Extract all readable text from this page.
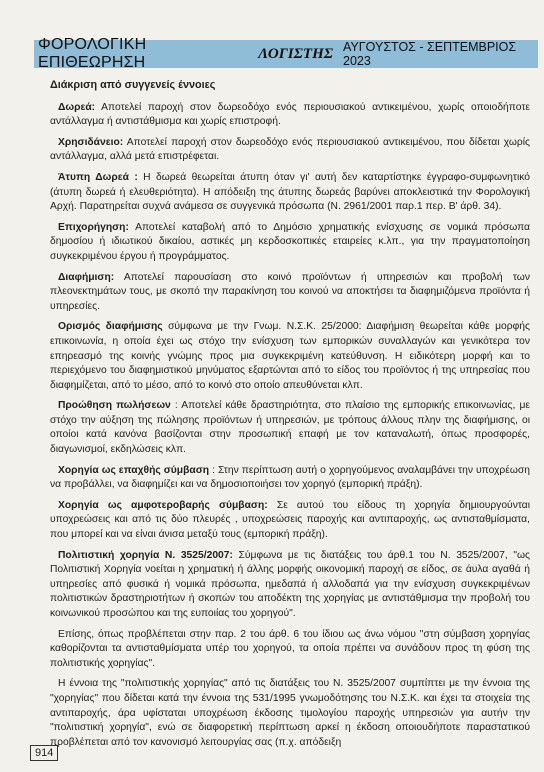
ΦΟΡΟΛΟΓΙΚΗ ΕΠΙΘΕΩΡΗΣΗ
ΛΟΓΙΣΤΗΣ ΑΥΓΟΥΣΤΟΣ - ΣΕΠΤΕΜΒΡΙΟΣ 2023
Διάκριση από συγγενείς έννοιες

Δωρεά: Αποτελεί παροχή στον δωρεοδόχο ενός περιουσιακού αντικειμένου, χωρίς οποιοδήποτε αντάλλαγμα ή αντιστάθμισμα και χωρίς επιστροφή.

Χρησιδάνειο: Αποτελεί παροχή στον δωρεοδόχο ενός περιουσιακού αντικειμένου, που δίδεται χωρίς αντάλλαγμα, αλλά μετά επιστρέφεται.

Άτυπη Δωρεά : Η δωρεά θεωρείται άτυπη όταν γι' αυτή δεν καταρτίστηκε έγγραφο-συμφωνητικό (άτυπη δωρεά ή ελευθεριότητα). Η απόδειξη της άτυπης δωρεάς βαρύνει αποκλειστικά την Φορολογική Αρχή. Παρατηρείται συχνά ανάμεσα σε συγγενικά πρόσωπα (Ν. 2961/2001 παρ.1 περ. Β' άρθ. 34).

Επιχορήγηση: Αποτελεί καταβολή από το Δημόσιο χρηματικής ενίσχυσης σε νομικά πρόσωπα δημοσίου ή ιδιωτικού δικαίου, αστικές μη κερδοσκοπικές εταιρείες κ.λπ., για την πραγματοποίηση συγκεκριμένου έργου ή προγράμματος.

Διαφήμιση: Αποτελεί παρουσίαση στο κοινό προϊόντων ή υπηρεσιών και προβολή των πλεονεκτημάτων τους, με σκοπό την παρακίνηση του κοινού να αποκτήσει τα διαφημιζόμενα προϊόντα ή υπηρεσίες.

Ορισμός διαφήμισης σύμφωνα με την Γνωμ. Ν.Σ.Κ. 25/2000: Διαφήμιση θεωρείται κάθε μορφής επικοινωνία, η οποία έχει ως στόχο την ενίσχυση των εμπορικών συναλλαγών και γενικότερα τον επηρεασμό της κοινής γνώμης προς μια συγκεκριμένη κατεύθυνση. Η ειδικότερη μορφή και το περιεχόμενο του διαφημιστικού μηνύματος εξαρτώνται από το είδος του προϊόντος ή της υπηρεσίας που διαφημίζεται, από το μέσο, από το κοινό στο οποίο απευθύνεται κλπ.

Προώθηση πωλήσεων : Αποτελεί κάθε δραστηριότητα, στο πλαίσιο της εμπορικής επικοινωνίας, με στόχο την αύξηση της πώλησης προϊόντων ή υπηρεσιών, με τρόπους άλλους πλην της διαφήμισης, οι οποίοι κατά κανόνα βασίζονται στην προσωπική επαφή με τον καταναλωτή, όπως προσφορές, διαγωνισμοί, εκδηλώσεις κλπ.

Χορηγία ως επαχθής σύμβαση : Στην περίπτωση αυτή ο χορηγούμενος αναλαμβάνει την υποχρέωση να προβάλλει, να διαφημίζει και να δημοσιοποιήσει τον χορηγό (εμπορική πράξη).

Χορηγία ως αμφοτεροβαρής σύμβαση: Σε αυτού του είδους τη χορηγία δημιουργούνται υποχρεώσεις και από τις δύο πλευρές , υποχρεώσεις παροχής και αντιπαροχής, ως αντισταθμίσματα, που μπορεί και να είναι άνισα μεταξύ τους (εμπορική πράξη).

Πολιτιστική χορηγία Ν. 3525/2007: Σύμφωνα με τις διατάξεις του άρθ.1 του Ν. 3525/2007, "ως Πολιτιστική Χορηγία νοείται η χρηματική ή άλλης μορφής οικονομική παροχή σε είδος, σε άυλα αγαθά ή υπηρεσίες από φυσικά ή νομικά πρόσωπα, ημεδαπά ή αλλοδαπά για την ενίσχυση συγκεκριμένων πολιτιστικών δραστηριοτήτων ή σκοπών του αποδέκτη της χορηγίας με αντιστάθμισμα την προβολή του κοινωνικού προσώπου και της ευποιίας του χορηγού".

Επίσης, όπως προβλέπεται στην παρ. 2 του άρθ. 6 του ίδιου ως άνω νόμου "στη σύμβαση χορηγίας καθορίζονται τα αντισταθμίσματα υπέρ του χορηγού, τα οποία πρέπει να συνάδουν προς τη φύση της πολιτιστικής χορηγίας".

Η έννοια της "πολιτιστικής χορηγίας" από τις διατάξεις του Ν. 3525/2007 συμπίπτει με την έννοια της "χορηγίας" που δίδεται κατά την έννοια της 531/1995 γνωμοδότησης του Ν.Σ.Κ. και έχει τα στοιχεία της αντιπαροχής, άρα υφίσταται υποχρέωση έκδοσης τιμολογίου παροχής υπηρεσιών για αυτήν την "πολιτιστική χορηγία", ενώ σε διαφορετική περίπτωση αρκεί η έκδοση οποιουδήποτε παραστατικού προβλέπεται από τον κανονισμό λειτουργίας σας (π.χ. απόδειξη

914
